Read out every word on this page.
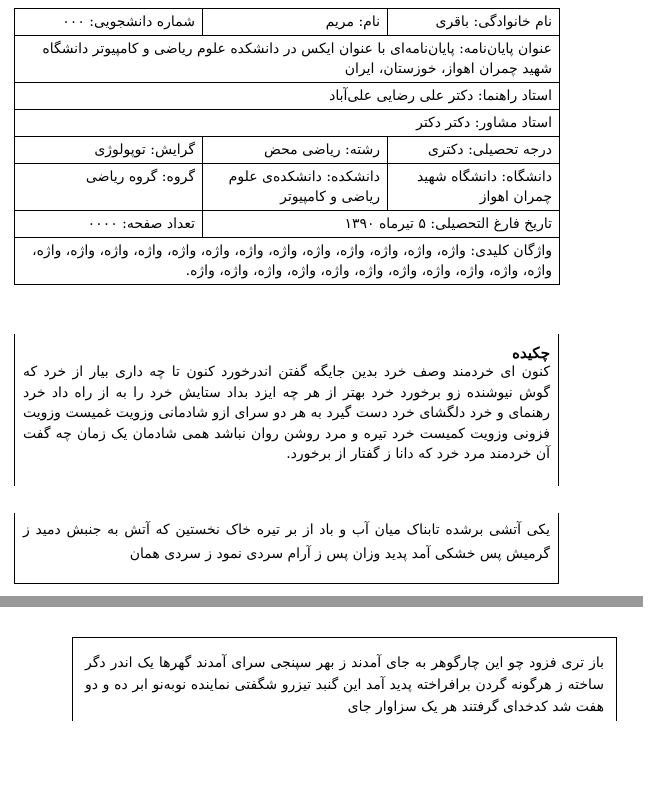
نام خانوادگی: باقری	نام: مریم	شماره دانشجویی: ۰۰۰
عنوان پایان‌نامه: پایان‌نامه‌ای با عنوان ایکس در دانشکده علوم ریاضی و کامپیوتر دانشگاه شهید چمران اهواز، خوزستان، ایران		
استاد راهنما: دکتر علی رضایی علی‌آباد		
استاد مشاور: دکتر دکتر		
درجه تحصیلی: دکتری	رشته: ریاضی محض	گرایش: توپولوژی
دانشگاه: دانشگاه شهید چمران اهواز	دانشکده: دانشکده‌ی علوم ریاضی و کامپیوتر	گروه: گروه ریاضی
تاریخ فارغ التحصیلی: ۵ تیرماه ۱۳۹۰		تعداد صفحه: ۰۰۰۰
واژگان کلیدی: واژه، واژه، واژه، واژه، واژه، واژه، واژه، واژه، واژه، واژه، واژه، واژه، واژه، واژه، واژه، واژه، واژه، واژه، واژه، واژه، واژه، واژه، واژه، واژه.		
چکیده
کنون ای خردمند وصف خرد بدین جایگه گفتن اندرخورد کنون تا چه داری بیار از خرد که گوش نیوشنده زو برخورد خرد بهتر از هر چه ایزد بداد ستایش خرد را به از راه داد خرد رهنمای و خرد دلگشای خرد دست گیرد به هر دو سرای ازو شادمانی وزویت غمیست وزویت فزونی وزویت کمیست خرد تیره و مرد روشن روان نباشد همی شادمان یک زمان چه گفت آن خردمند مرد خرد که دانا ز گفتار از برخورد.
یکی آتشی برشده تابناک میان آب و باد از بر تیره خاک نخستین که آتش به جنبش دمید ز گرمیش پس خشکی آمد پدید وزان پس ز آرام سردی نمود ز سردی همان
باز تری فزود چو این چارگوهر به جای آمدند ز بهر سپنجی سرای آمدند گهرها یک اندر دگر ساخته ز هرگونه گردن برافراخته پدید آمد این گنبد تیزرو شگفتی نماینده نوبه‌نو ابر ده و دو هفت شد کدخدای گرفتند هر یک سزاوار جای
